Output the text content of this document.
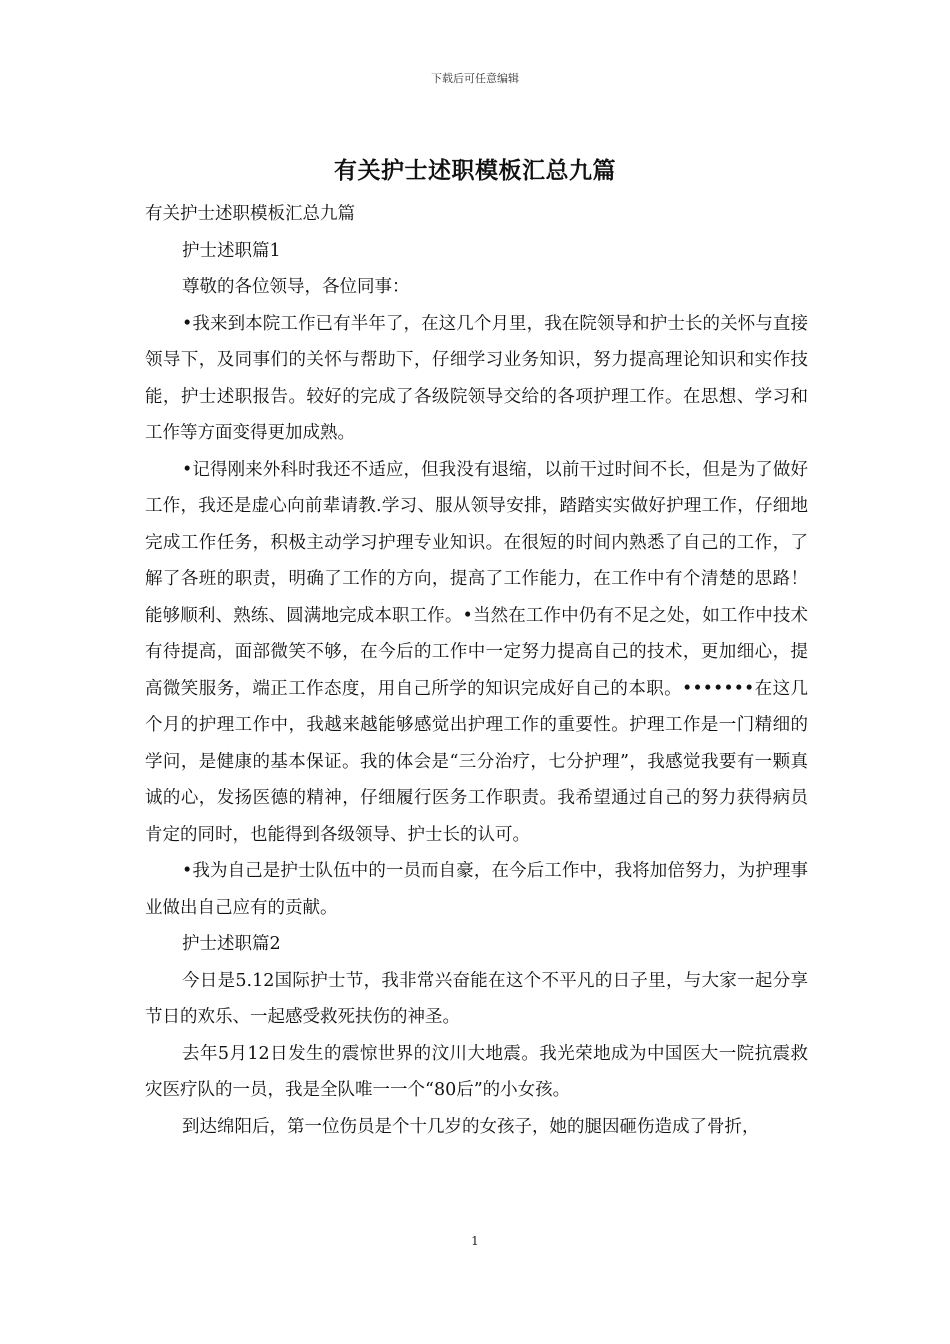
下载后可任意编辑
有关护士述职模板汇总九篇

有关护士述职模板汇总九篇

护士述职篇1

尊敬的各位领导，各位同事：

•我来到本院工作已有半年了，在这几个月里，我在院领导和护士长的关怀与直接领导下，及同事们的关怀与帮助下，仔细学习业务知识，努力提高理论知识和实作技能，护士述职报告。较好的完成了各级院领导交给的各项护理工作。在思想、学习和工作等方面变得更加成熟。

•记得刚来外科时我还不适应，但我没有退缩，以前干过时间不长，但是为了做好工作，我还是虚心向前辈请教.学习、服从领导安排，踏踏实实做好护理工作，仔细地完成工作任务，积极主动学习护理专业知识。在很短的时间内熟悉了自己的工作，了解了各班的职责，明确了工作的方向，提高了工作能力，在工作中有个清楚的思路！能够顺利、熟练、圆满地完成本职工作。•当然在工作中仍有不足之处，如工作中技术有待提高，面部微笑不够，在今后的工作中一定努力提高自己的技术，更加细心，提高微笑服务，端正工作态度，用自己所学的知识完成好自己的本职。•••••••在这几个月的护理工作中，我越来越能够感觉出护理工作的重要性。护理工作是一门精细的学问，是健康的基本保证。我的体会是“三分治疗，七分护理”，我感觉我要有一颗真诚的心，发扬医德的精神，仔细履行医务工作职责。我希望通过自己的努力获得病员肯定的同时，也能得到各级领导、护士长的认可。

•我为自己是护士队伍中的一员而自豪，在今后工作中，我将加倍努力，为护理事业做出自己应有的贡献。

护士述职篇2

今日是5.12国际护士节，我非常兴奋能在这个不平凡的日子里，与大家一起分享节日的欢乐、一起感受救死扶伤的神圣。

去年5月12日发生的震惊世界的汶川大地震。我光荣地成为中国医大一院抗震救灾医疗队的一员，我是全队唯一一个“80后”的小女孩。

到达绵阳后，第一位伤员是个十几岁的女孩子，她的腿因砸伤造成了骨折，

1
